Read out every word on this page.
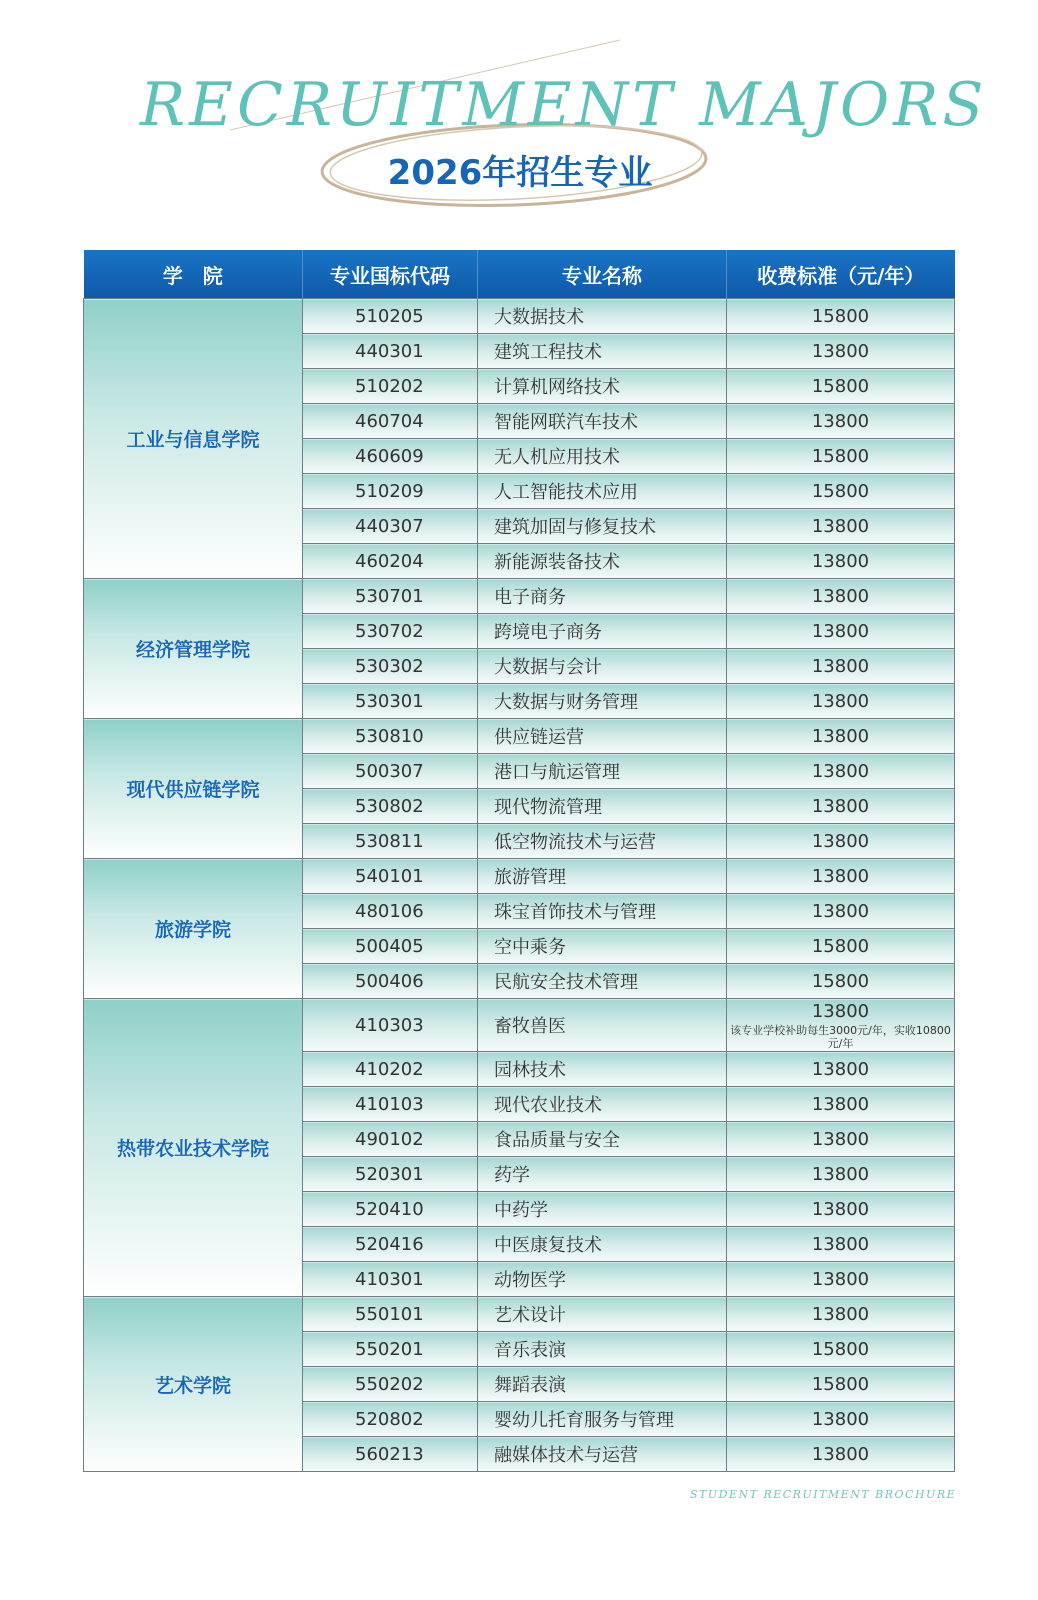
RECRUITMENT MAJORS
2026年招生专业
学　院	专业国标代码	专业名称	收费标准（元/年）
工业与信息学院	510205	大数据技术	15800
	440301	建筑工程技术	13800
	510202	计算机网络技术	15800
	460704	智能网联汽车技术	13800
	460609	无人机应用技术	15800
	510209	人工智能技术应用	15800
	440307	建筑加固与修复技术	13800
	460204	新能源装备技术	13800
经济管理学院	530701	电子商务	13800
	530702	跨境电子商务	13800
	530302	大数据与会计	13800
	530301	大数据与财务管理	13800
现代供应链学院	530810	供应链运营	13800
	500307	港口与航运管理	13800
	530802	现代物流管理	13800
	530811	低空物流技术与运营	13800
旅游学院	540101	旅游管理	13800
	480106	珠宝首饰技术与管理	13800
	500405	空中乘务	15800
	500406	民航安全技术管理	15800
热带农业技术学院	410303	畜牧兽医	13800
该专业学校补助每生3000元/年，实收10800元/年

	410202	园林技术	13800
	410103	现代农业技术	13800
	490102	食品质量与安全	13800
	520301	药学	13800
	520410	中药学	13800
	520416	中医康复技术	13800
	410301	动物医学	13800
艺术学院	550101	艺术设计	13800
	550201	音乐表演	15800
	550202	舞蹈表演	15800
	520802	婴幼儿托育服务与管理	13800
	560213	融媒体技术与运营	13800
STUDENT RECRUITMENT BROCHURE
